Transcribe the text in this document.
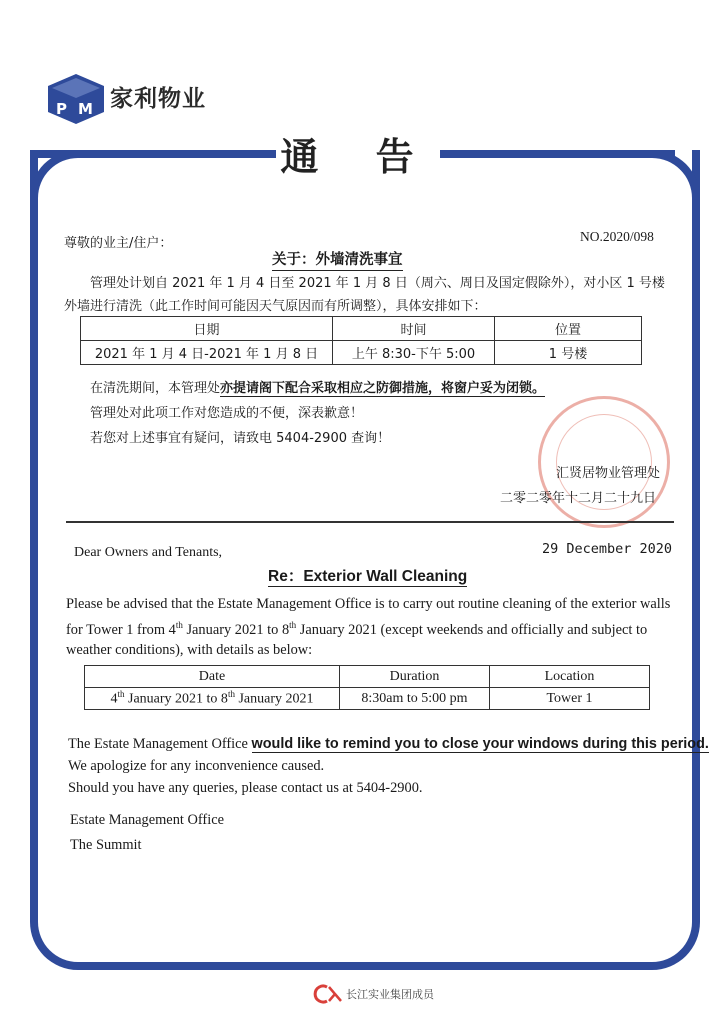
P M 家利物业
通 告
尊敬的业主/住户：	NO.2020/098
关于：外墙清洗事宜
管理处计划自 2021 年 1 月 4 日至 2021 年 1 月 8 日（周六、周日及国定假除外），对小区 1 号楼外墙进行清洗（此工作时间可能因天气原因而有所调整），具体安排如下：
日期	时间	位置
2021 年 1 月 4 日-2021 年 1 月 8 日	上午 8:30-下午 5:00	1 号楼
在清洗期间，本管理处亦提请阁下配合采取相应之防御措施，将窗户妥为闭锁。
管理处对此项工作对您造成的不便，深表歉意！
若您对上述事宜有疑问，请致电 5404-2900 查询！
汇贤居物业管理处
二零二零年十二月二十九日
Dear Owners and Tenants,	29 December 2020
Re：Exterior Wall Cleaning
Please be advised that the Estate Management Office is to carry out routine cleaning of the exterior walls for Tower 1 from 4th January 2021 to 8th January 2021 (except weekends and officially and subject to weather conditions), with details as below:
Date	Duration	Location
4th January 2021 to 8th January 2021	8:30am to 5:00 pm	Tower 1
The Estate Management Office would like to remind you to close your windows during this period.
We apologize for any inconvenience caused.
Should you have any queries, please contact us at 5404-2900.
Estate Management Office
The Summit
长江实业集团成员
